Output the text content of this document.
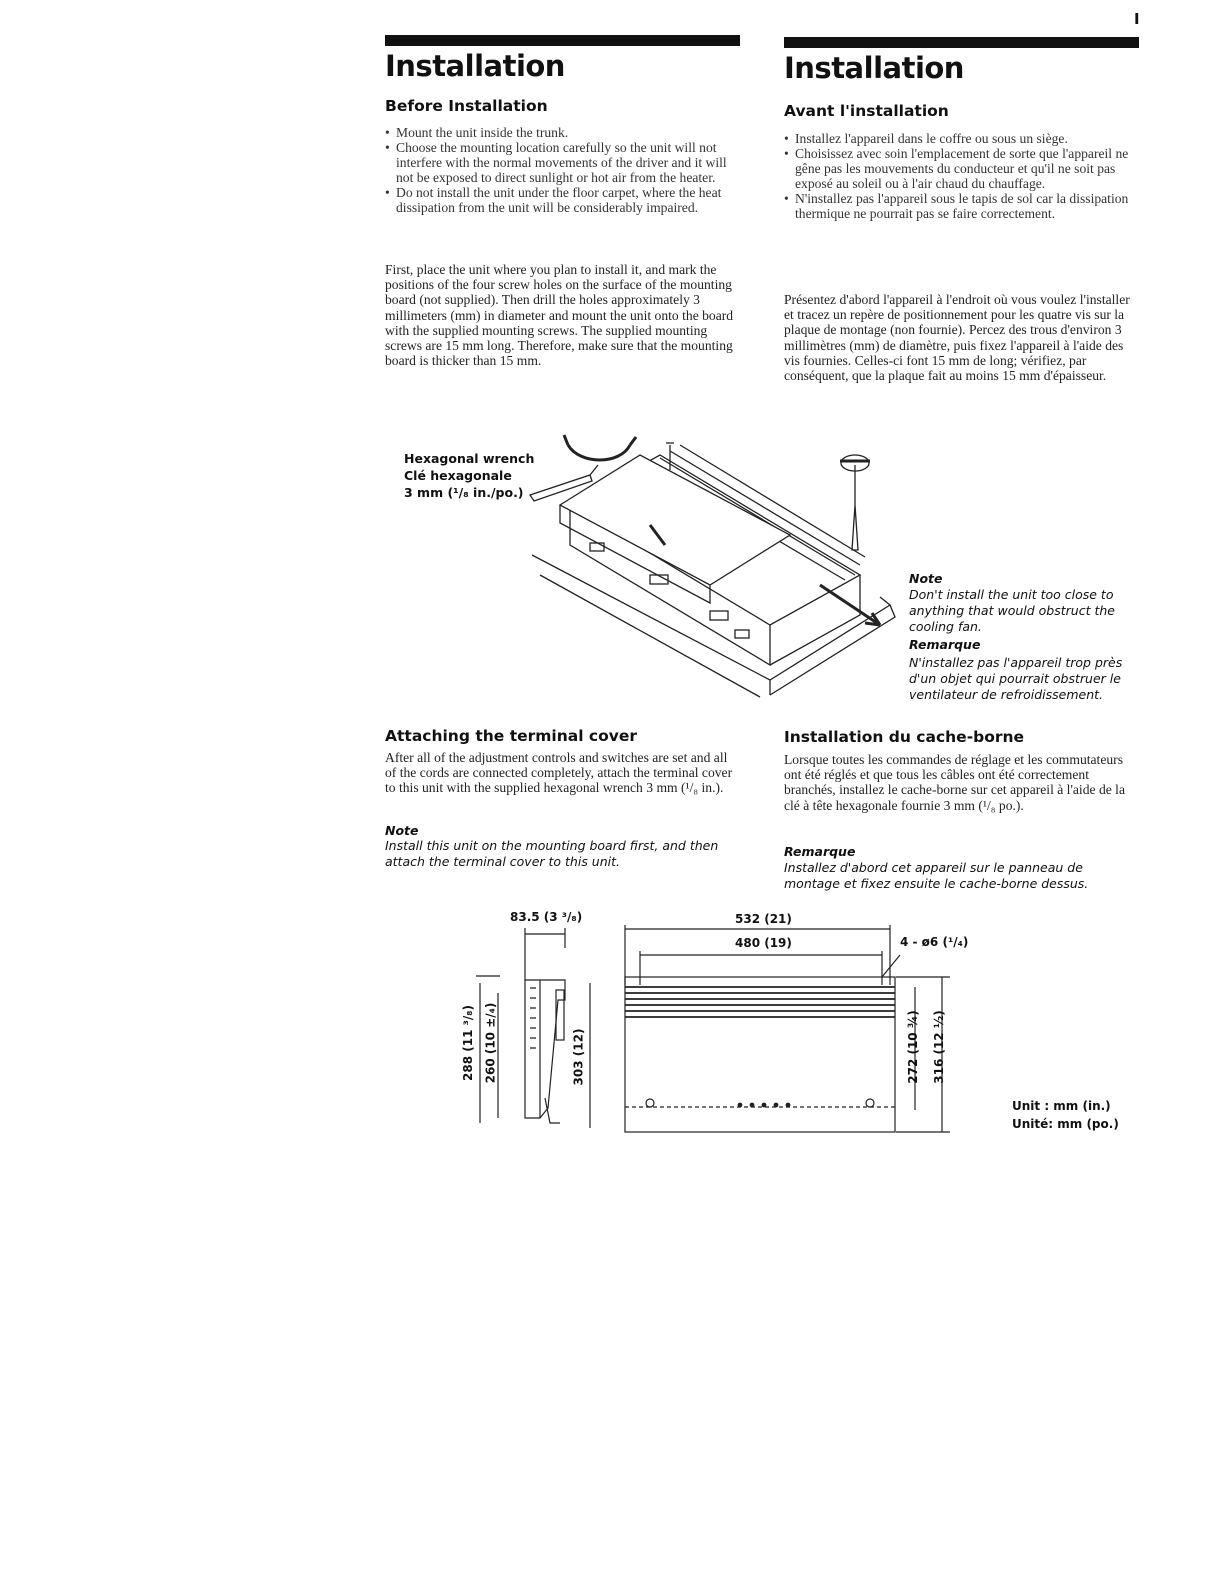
I
Installation
Before Installation
• Mount the unit inside the trunk.
• Choose the mounting location carefully so the unit will not interfere with the normal movements of the driver and it will not be exposed to direct sunlight or hot air from the heater.
• Do not install the unit under the floor carpet, where the heat dissipation from the unit will be considerably impaired.

First, place the unit where you plan to install it, and mark the positions of the four screw holes on the surface of the mounting board (not supplied). Then drill the holes approximately 3 millimeters (mm) in diameter and mount the unit onto the board with the supplied mounting screws. The supplied mounting screws are 15 mm long. Therefore, make sure that the mounting board is thicker than 15 mm.

Attaching the terminal cover

After all of the adjustment controls and switches are set and all of the cords are connected completely, attach the terminal cover to this unit with the supplied hexagonal wrench 3 mm (¹/₈ in.).

Note
Install this unit on the mounting board first, and then attach the terminal cover to this unit.
Installation
Avant l'installation
• Installez l'appareil dans le coffre ou sous un siège.
• Choisissez avec soin l'emplacement de sorte que l'appareil ne gêne pas les mouvements du conducteur et qu'il ne soit pas exposé au soleil ou à l'air chaud du chauffage.
• N'installez pas l'appareil sous le tapis de sol car la dissipation thermique ne pourrait pas se faire correctement.

Présentez d'abord l'appareil à l'endroit où vous voulez l'installer et tracez un repère de positionnement pour les quatre vis sur la plaque de montage (non fournie). Percez des trous d'environ 3 millimètres (mm) de diamètre, puis fixez l'appareil à l'aide des vis fournies. Celles-ci font 15 mm de long; vérifiez, par conséquent, que la plaque fait au moins 15 mm d'épaisseur.

Installation du cache-borne

Lorsque toutes les commandes de réglage et les commutateurs ont été réglés et que tous les câbles ont été correctement branchés, installez le cache-borne sur cet appareil à l'aide de la clé à tête hexagonale fournie 3 mm (¹/₈ po.).

Remarque
Installez d'abord cet appareil sur le panneau de montage et fixez ensuite le cache-borne dessus.
Hexagonal wrench
Clé hexagonale
3 mm (¹/₈ in./po.)
Note
Don't install the unit too close to anything that would obstruct the cooling fan.
Remarque
N'installez pas l'appareil trop près d'un objet qui pourrait obstruer le ventilateur de refroidissement.
83.5 (3 ³/₈)	532 (21)
480 (19)	4 - ø6 (¹/₄)
288 (11 ³/₈) 260 (10 ±/₄)	303 (12)	272 (10 ¾) 316 (12 ½)
Unit : mm (in.)
Unité: mm (po.)
